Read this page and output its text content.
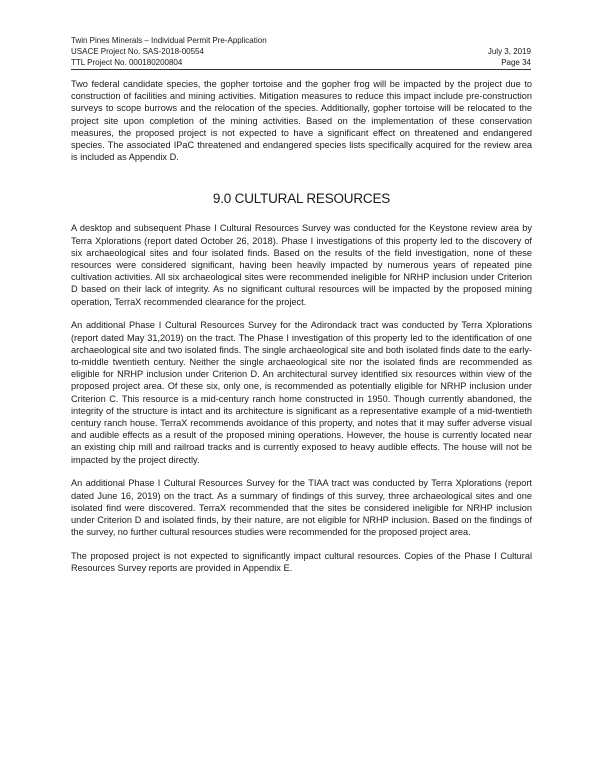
Twin Pines Minerals – Individual Permit Pre-Application
USACE Project No. SAS-2018-00554	July 3, 2019
TTL Project No. 000180200804	Page 34

Two federal candidate species, the gopher tortoise and the gopher frog will be impacted by the project due to construction of facilities and mining activities. Mitigation measures to reduce this impact include pre-construction surveys to scope burrows and the relocation of the species. Additionally, gopher tortoise will be relocated to the project site upon completion of the mining activities. Based on the implementation of these conservation measures, the proposed project is not expected to have a significant effect on threatened and endangered species. The associated IPaC threatened and endangered species lists specifically acquired for the review area is included as Appendix D.

9.0 CULTURAL RESOURCES

A desktop and subsequent Phase I Cultural Resources Survey was conducted for the Keystone review area by Terra Xplorations (report dated October 26, 2018). Phase I investigations of this property led to the discovery of six archaeological sites and four isolated finds. Based on the results of the field investigation, none of these resources were considered significant, having been heavily impacted by numerous years of repeated pine cultivation activities. All six archaeological sites were recommended ineligible for NRHP inclusion under Criterion D based on their lack of integrity. As no significant cultural resources will be impacted by the proposed mining operation, TerraX recommended clearance for the project.

An additional Phase I Cultural Resources Survey for the Adirondack tract was conducted by Terra Xplorations (report dated May 31,2019) on the tract. The Phase I investigation of this property led to the identification of one archaeological site and two isolated finds. The single archaeological site and both isolated finds date to the early-to-middle twentieth century. Neither the single archaeological site nor the isolated finds are recommended as eligible for NRHP inclusion under Criterion D. An architectural survey identified six resources within view of the proposed project area. Of these six, only one, is recommended as potentially eligible for NRHP inclusion under Criterion C. This resource is a mid-century ranch home constructed in 1950. Though currently abandoned, the integrity of the structure is intact and its architecture is significant as a representative example of a mid-twentieth century ranch house. TerraX recommends avoidance of this property, and notes that it may suffer adverse visual and audible effects as a result of the proposed mining operations. However, the house is currently located near an existing chip mill and railroad tracks and is currently exposed to heavy audible effects. The house will not be impacted by the project directly.

An additional Phase I Cultural Resources Survey for the TIAA tract was conducted by Terra Xplorations (report dated June 16, 2019) on the tract. As a summary of findings of this survey, three archaeological sites and one isolated find were discovered. TerraX recommended that the sites be considered ineligible for NRHP inclusion under Criterion D and isolated finds, by their nature, are not eligible for NRHP inclusion. Based on the findings of the survey, no further cultural resources studies were recommended for the proposed project area.

The proposed project is not expected to significantly impact cultural resources. Copies of the Phase I Cultural Resources Survey reports are provided in Appendix E.
